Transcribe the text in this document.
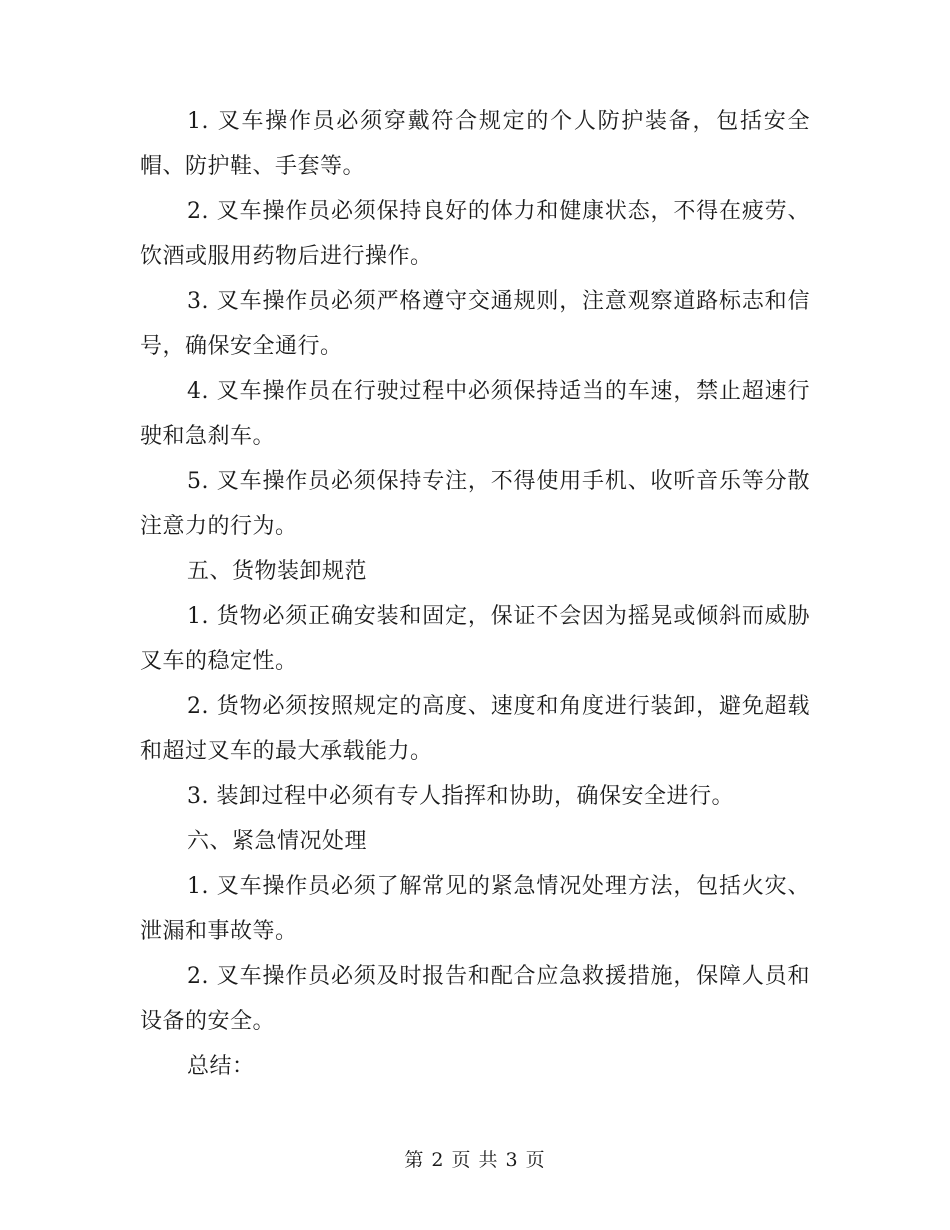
1. 叉车操作员必须穿戴符合规定的个人防护装备，包括安全帽、防护鞋、手套等。

2. 叉车操作员必须保持良好的体力和健康状态，不得在疲劳、饮酒或服用药物后进行操作。

3. 叉车操作员必须严格遵守交通规则，注意观察道路标志和信号，确保安全通行。

4. 叉车操作员在行驶过程中必须保持适当的车速，禁止超速行驶和急刹车。

5. 叉车操作员必须保持专注，不得使用手机、收听音乐等分散注意力的行为。

五、货物装卸规范

1. 货物必须正确安装和固定，保证不会因为摇晃或倾斜而威胁叉车的稳定性。

2. 货物必须按照规定的高度、速度和角度进行装卸，避免超载和超过叉车的最大承载能力。

3. 装卸过程中必须有专人指挥和协助，确保安全进行。

六、紧急情况处理

1. 叉车操作员必须了解常见的紧急情况处理方法，包括火灾、泄漏和事故等。

2. 叉车操作员必须及时报告和配合应急救援措施，保障人员和设备的安全。

总结：

第 2 页 共 3 页
